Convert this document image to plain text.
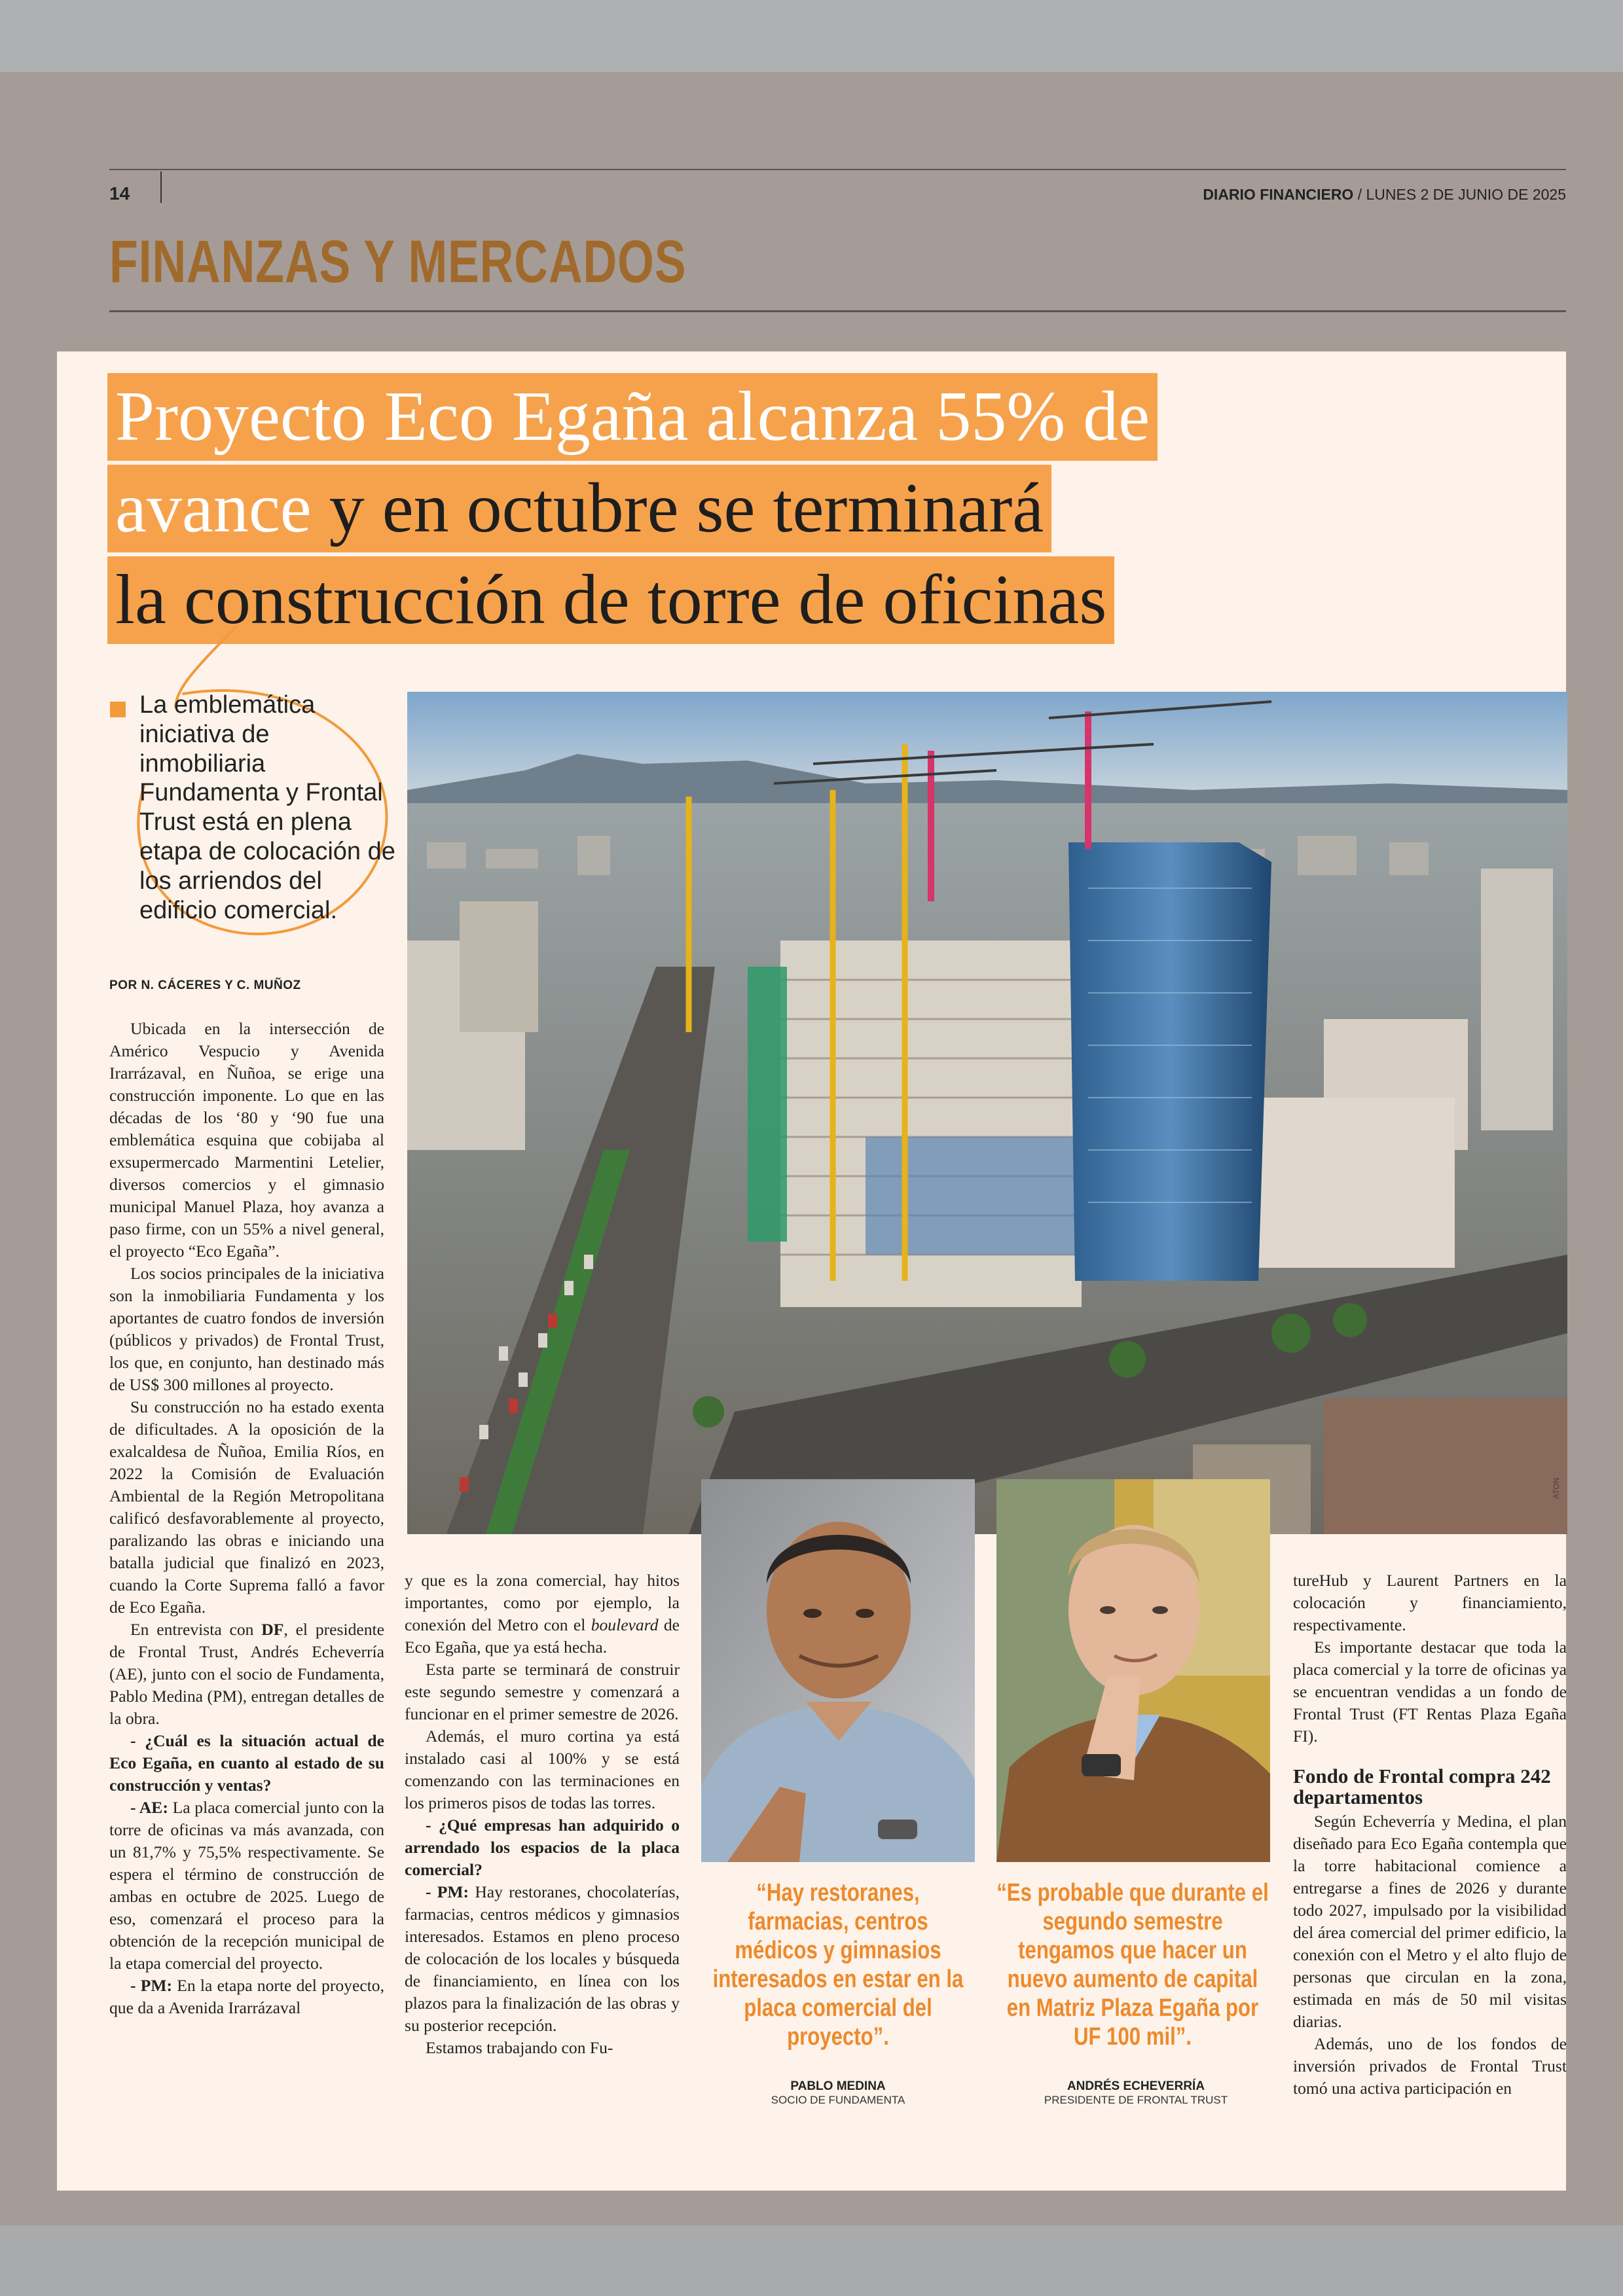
14	DIARIO FINANCIERO / LUNES 2 DE JUNIO DE 2025
FINANZAS Y MERCADOS
Proyecto Eco Egaña alcanza 55% de
avance y en octubre se terminará
la construcción de torre de oficinas
La emblemática iniciativa de inmobiliaria Fundamenta y Frontal Trust está en plena etapa de colocación de los arriendos del edificio comercial.
POR N. CÁCERES Y C. MUÑOZ
ATON
“Hay restoranes, farmacias, centros médicos y gimnasios interesados en estar en la placa comercial del proyecto”.
PABLO MEDINA
SOCIO DE FUNDAMENTA
“Es probable que durante el segundo semestre tengamos que hacer un nuevo aumento de capital en Matriz Plaza Egaña por UF 100 mil”.
ANDRÉS ECHEVERRÍA
PRESIDENTE DE FRONTAL TRUST

Ubicada en la intersección de Américo Vespucio y Avenida Irarrázaval, en Ñuñoa, se erige una construcción imponente. Lo que en las décadas de los ‘80 y ‘90 fue una emblemática esquina que cobijaba al exsupermercado Marmentini Letelier, diversos comercios y el gimnasio municipal Manuel Plaza, hoy avanza a paso firme, con un 55% a nivel general, el proyecto “Eco Egaña”.

Los socios principales de la iniciativa son la inmobiliaria Fundamenta y los aportantes de cuatro fondos de inversión (públicos y privados) de Frontal Trust, los que, en conjunto, han destinado más de US$ 300 millones al proyecto.

Su construcción no ha estado exenta de dificultades. A la oposición de la exalcaldesa de Ñuñoa, Emilia Ríos, en 2022 la Comisión de Evaluación Ambiental de la Región Metropolitana calificó desfavorablemente al proyecto, paralizando las obras e iniciando una batalla judicial que finalizó en 2023, cuando la Corte Suprema falló a favor de Eco Egaña.

En entrevista con DF, el presidente de Frontal Trust, Andrés Echeverría (AE), junto con el socio de Fundamenta, Pablo Medina (PM), entregan detalles de la obra.

- ¿Cuál es la situación actual de Eco Egaña, en cuanto al estado de su construcción y ventas?

- AE: La placa comercial junto con la torre de oficinas va más avanzada, con un 81,7% y 75,5% respectivamente. Se espera el término de construcción de ambas en octubre de 2025. Luego de eso, comenzará el proceso para la obtención de la recepción municipal de la etapa comercial del proyecto.

- PM: En la etapa norte del proyecto, que da a Avenida Irarrázaval

y que es la zona comercial, hay hitos importantes, como por ejemplo, la conexión del Metro con el boulevard de Eco Egaña, que ya está hecha.

Esta parte se terminará de construir este segundo semestre y comenzará a funcionar en el primer semestre de 2026.

Además, el muro cortina ya está instalado casi al 100% y se está comenzando con las terminaciones en los primeros pisos de todas las torres.

- ¿Qué empresas han adquirido o arrendado los espacios de la placa comercial?

- PM: Hay restoranes, chocolaterías, farmacias, centros médicos y gimnasios interesados. Estamos en pleno proceso de colocación de los locales y búsqueda de financiamiento, en línea con los plazos para la finalización de las obras y su posterior recepción.

Estamos trabajando con Fu-

tureHub y Laurent Partners en la colocación y financiamiento, respectivamente.

Es importante destacar que toda la placa comercial y la torre de oficinas ya se encuentran vendidas a un fondo de Frontal Trust (FT Rentas Plaza Egaña FI).

Fondo de Frontal compra 242 departamentos

Según Echeverría y Medina, el plan diseñado para Eco Egaña contempla que la torre habitacional comience a entregarse a fines de 2026 y durante todo 2027, impulsado por la visibilidad del área comercial del primer edificio, la conexión con el Metro y el alto flujo de personas que circulan en la zona, estimada en más de 50 mil visitas diarias.

Además, uno de los fondos de inversión privados de Frontal Trust tomó una activa participación en
